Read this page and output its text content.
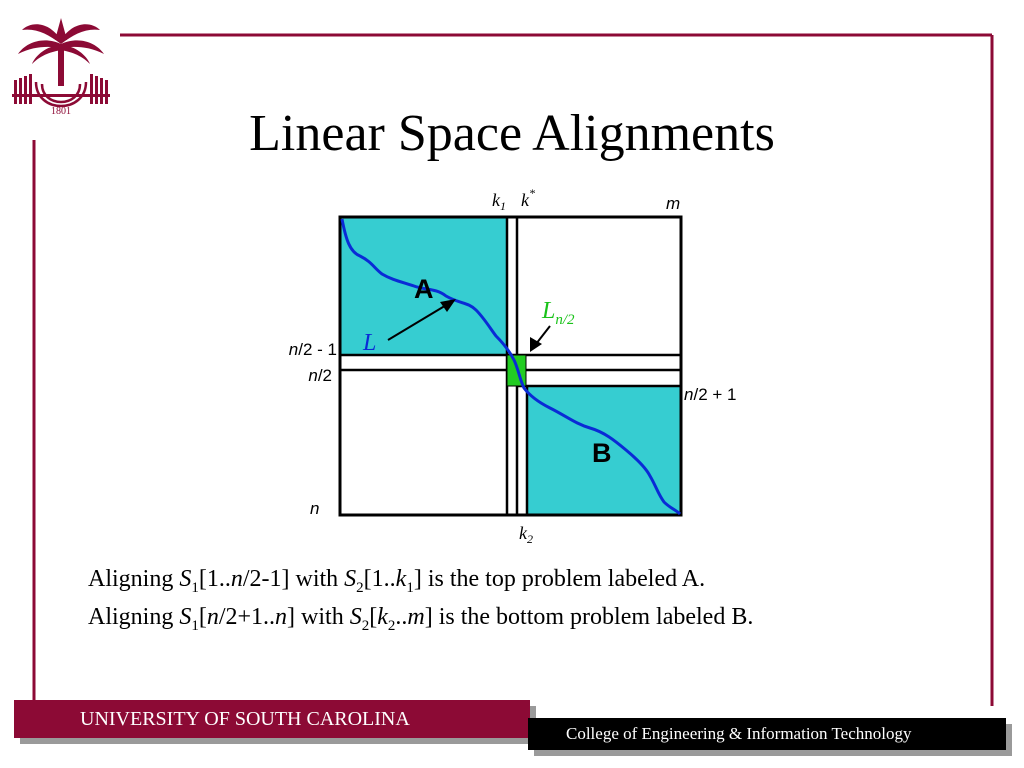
1801	Linear Space Alignments
A
B
L
$L_{n/2}$
$k_1$ k*
m
n/2 - 1
n/2
n
n/2 + 1
$k_2$
Aligning $S_1[1..n/2-1]$ with $S_2[1..k_1]$ is the top problem labeled A.
Aligning $S_1[n/2+1..n]$ with $S_2[k_2..m]$ is the bottom problem labeled B.
UNIVERSITY OF SOUTH CAROLINA
College of Engineering & Information Technology
